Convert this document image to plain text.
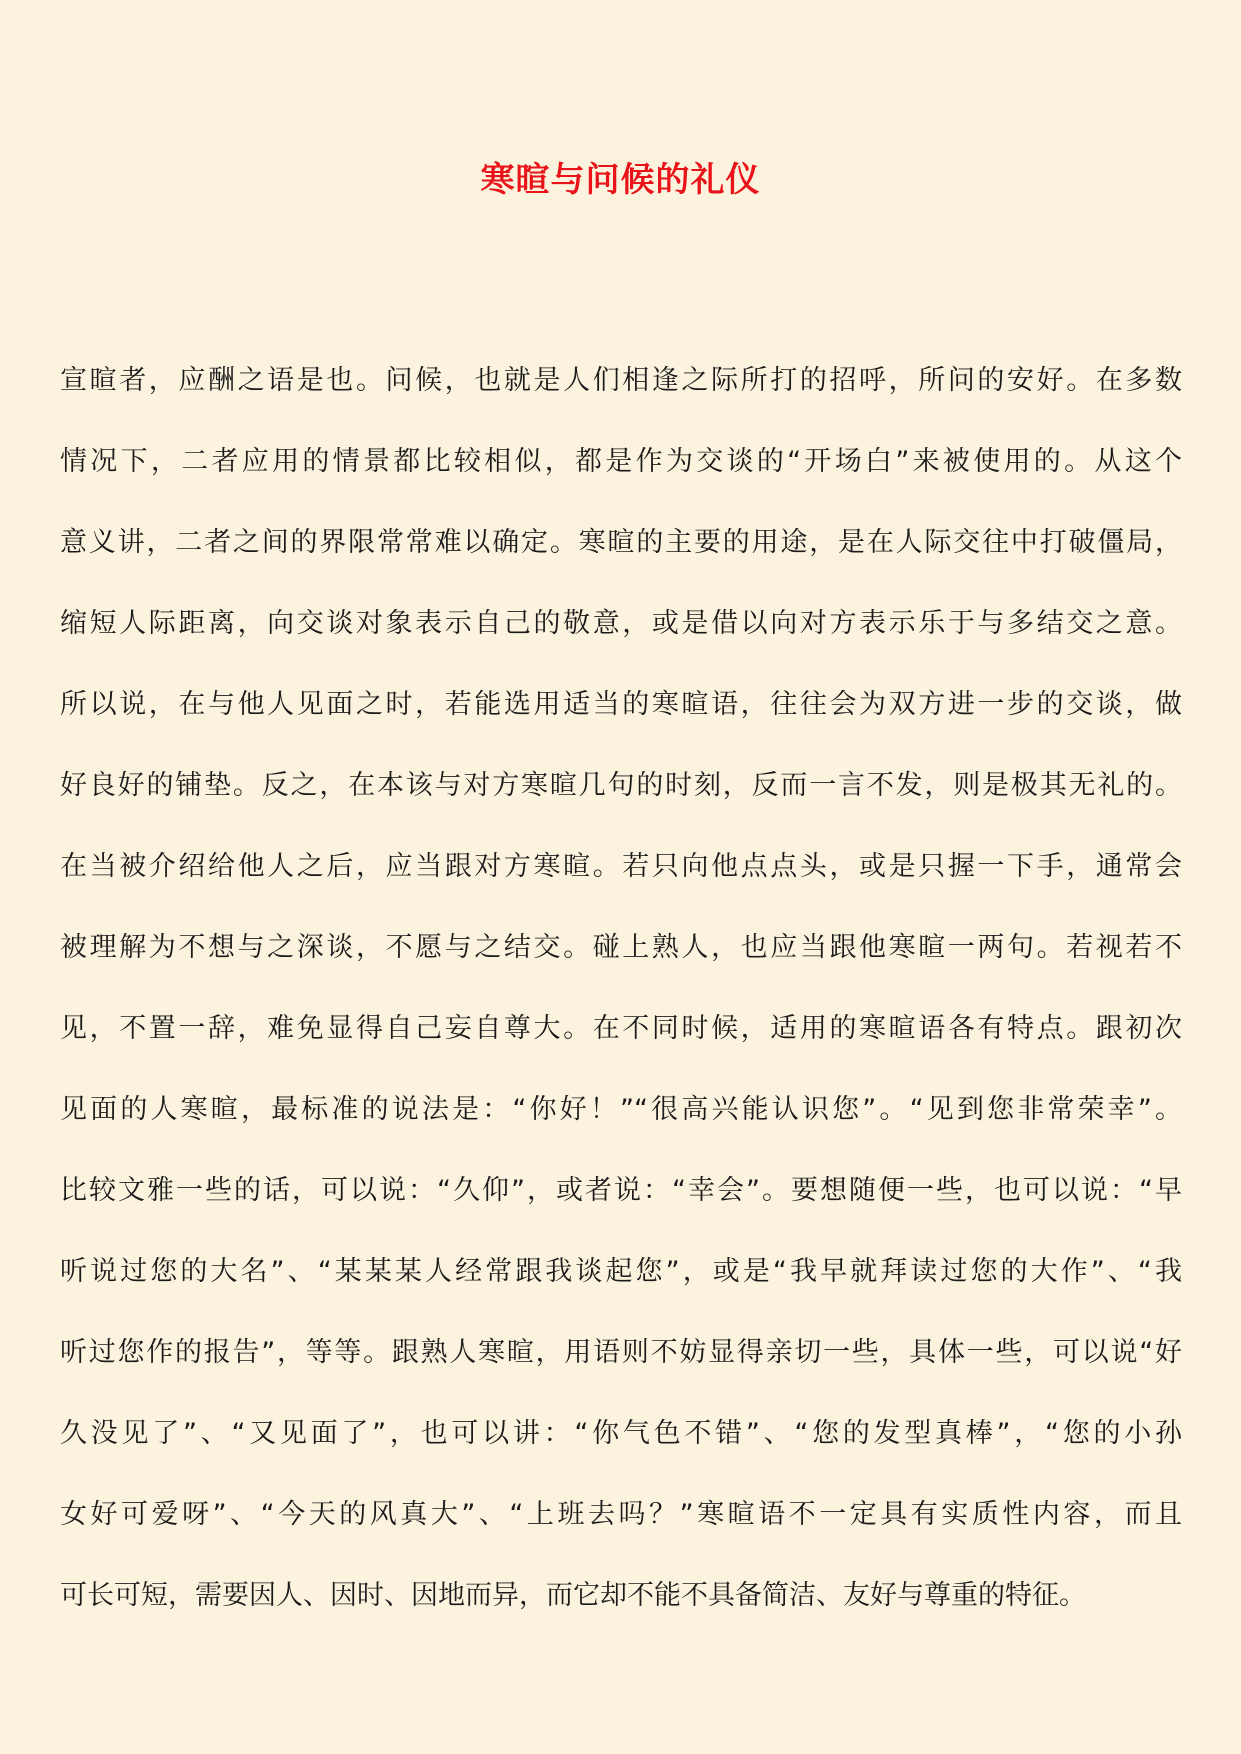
寒暄与问候的礼仪
宣暄者，应酬之语是也。问候，也就是人们相逢之际所打的招呼，所问的安好。在多数
情况下，二者应用的情景都比较相似，都是作为交谈的“开场白”来被使用的。从这个
意义讲，二者之间的界限常常难以确定。寒暄的主要的用途，是在人际交往中打破僵局，
缩短人际距离，向交谈对象表示自己的敬意，或是借以向对方表示乐于与多结交之意。
所以说，在与他人见面之时，若能选用适当的寒暄语，往往会为双方进一步的交谈，做
好良好的铺垫。反之，在本该与对方寒暄几句的时刻，反而一言不发，则是极其无礼的。
在当被介绍给他人之后，应当跟对方寒暄。若只向他点点头，或是只握一下手，通常会
被理解为不想与之深谈，不愿与之结交。碰上熟人，也应当跟他寒暄一两句。若视若不
见，不置一辞，难免显得自己妄自尊大。在不同时候，适用的寒暄语各有特点。跟初次
见面的人寒暄，最标准的说法是：“你好！”“很高兴能认识您”。“见到您非常荣幸”。
比较文雅一些的话，可以说：“久仰”，或者说：“幸会”。要想随便一些，也可以说：“早
听说过您的大名”、“某某某人经常跟我谈起您”，或是“我早就拜读过您的大作”、“我
听过您作的报告”，等等。跟熟人寒暄，用语则不妨显得亲切一些，具体一些，可以说“好
久没见了”、“又见面了”，也可以讲：“你气色不错”、“您的发型真棒”，“您的小孙
女好可爱呀”、“今天的风真大”、“上班去吗？”寒暄语不一定具有实质性内容，而且
可长可短，需要因人、因时、因地而异，而它却不能不具备简洁、友好与尊重的特征。
